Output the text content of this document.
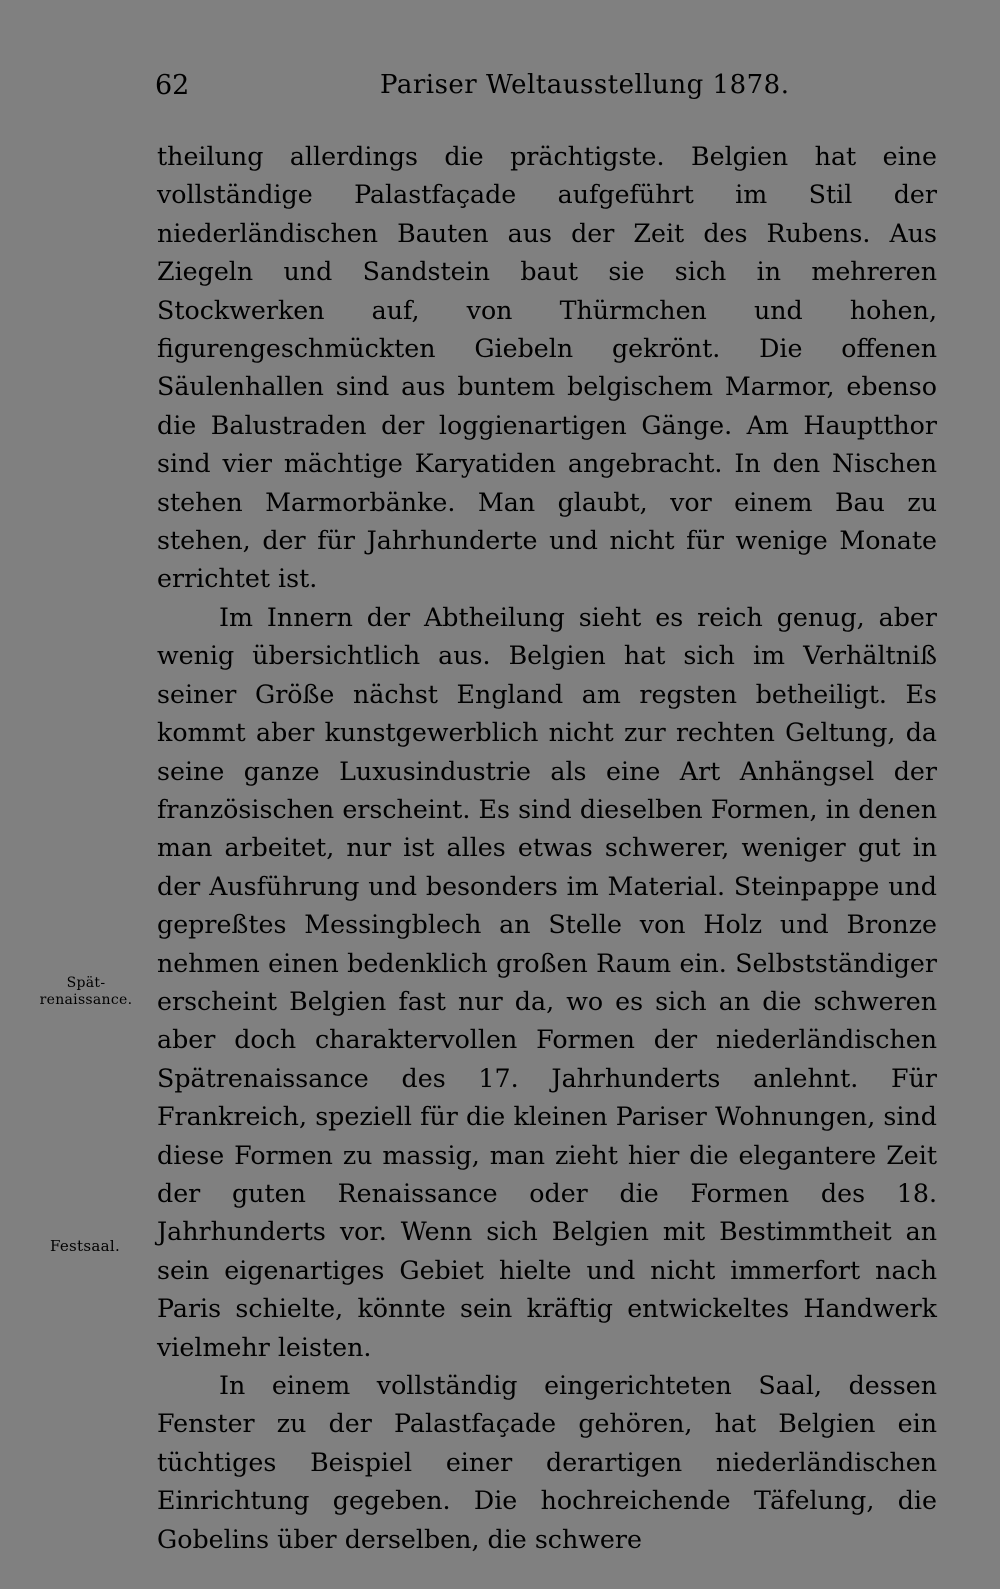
62	Pariser Weltausstellung 1878.

theilung allerdings die prächtigste. Belgien hat eine vollständige Palastfaçade aufgeführt im Stil der niederländischen Bauten aus der Zeit des Rubens. Aus Ziegeln und Sandstein baut sie sich in mehreren Stockwerken auf, von Thürmchen und hohen, figurengeschmückten Giebeln gekrönt. Die offenen Säulenhallen sind aus buntem belgischem Marmor, ebenso die Balustraden der loggienartigen Gänge. Am Hauptthor sind vier mächtige Karyatiden angebracht. In den Nischen stehen Marmorbänke. Man glaubt, vor einem Bau zu stehen, der für Jahrhunderte und nicht für wenige Monate errichtet ist.

Im Innern der Abtheilung sieht es reich genug, aber wenig übersichtlich aus. Belgien hat sich im Verhältniß seiner Größe nächst England am regsten betheiligt. Es kommt aber kunstgewerblich nicht zur rechten Geltung, da seine ganze Luxusindustrie als eine Art Anhängsel der französischen erscheint. Es sind dieselben Formen, in denen man arbeitet, nur ist alles etwas schwerer, weniger gut in der Ausführung und besonders im Material. Steinpappe und gepreßtes Messingblech an Stelle von Holz und Bronze nehmen einen bedenklich großen Raum ein. Selbstständiger erscheint Belgien fast nur da, wo es sich an die schweren aber doch charaktervollen Formen der niederländischen Spätrenaissance des 17. Jahrhunderts anlehnt. Für Frankreich, speziell für die kleinen Pariser Wohnungen, sind diese Formen zu massig, man zieht hier die elegantere Zeit der guten Renaissance oder die Formen des 18. Jahrhunderts vor. Wenn sich Belgien mit Bestimmtheit an sein eigenartiges Gebiet hielte und nicht immerfort nach Paris schielte, könnte sein kräftig entwickeltes Handwerk vielmehr leisten.

In einem vollständig eingerichteten Saal, dessen Fenster zu der Palastfaçade gehören, hat Belgien ein tüchtiges Beispiel einer derartigen niederländischen Einrichtung gegeben. Die hochreichende Täfelung, die Gobelins über derselben, die schwere

Spät-
renaissance.
Festsaal.
